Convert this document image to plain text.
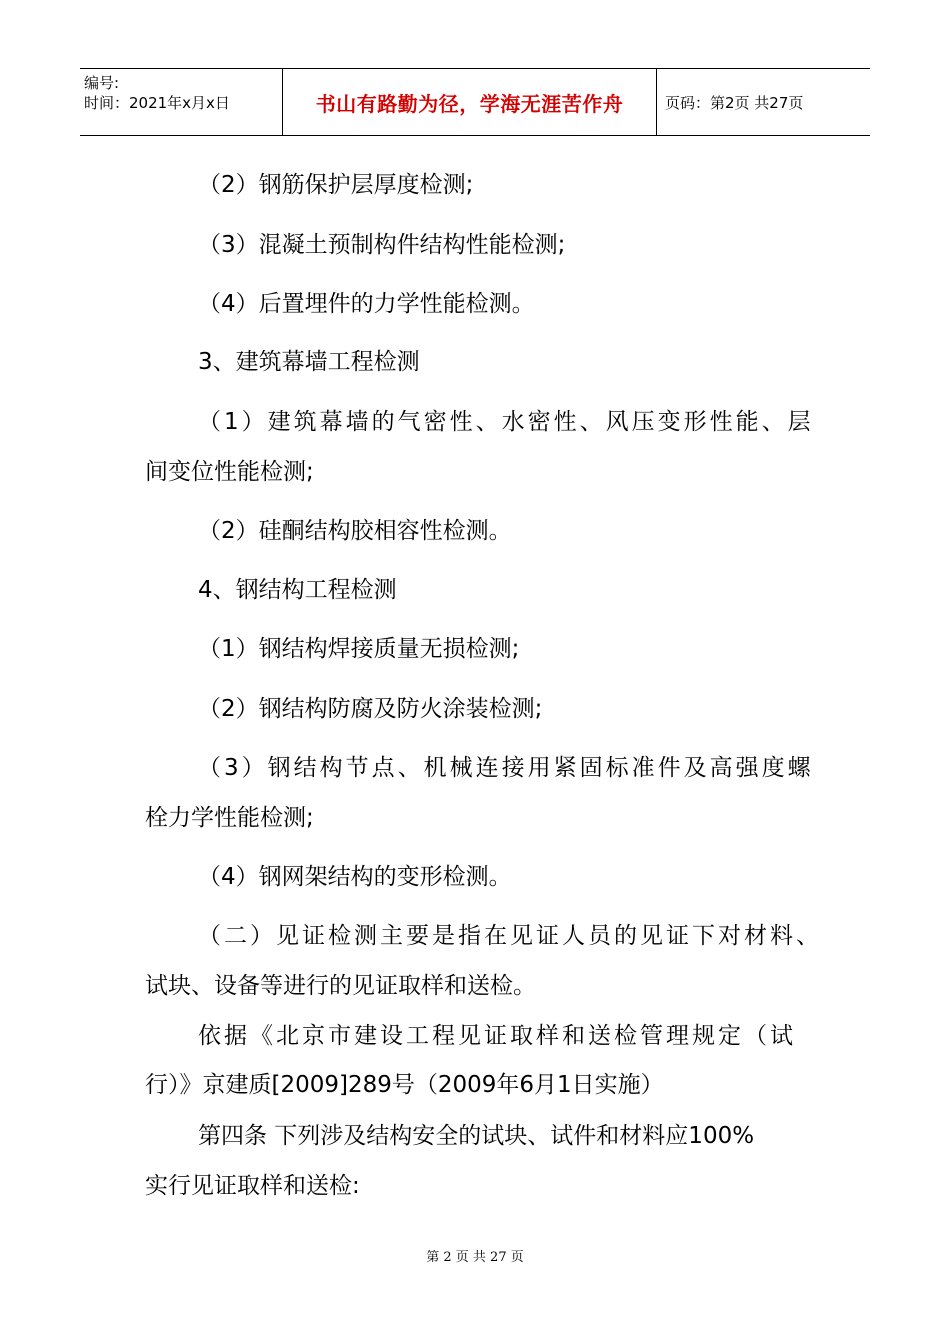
编号:
时间：2021年x月x日	书山有路勤为径，学海无涯苦作舟	页码：第2页 共27页
（2）钢筋保护层厚度检测;
（3）混凝土预制构件结构性能检测;
（4）后置埋件的力学性能检测。
3、建筑幕墙工程检测
（1）建筑幕墙的气密性、水密性、风压变形性能、层
间变位性能检测;
（2）硅酮结构胶相容性检测。
4、钢结构工程检测
（1）钢结构焊接质量无损检测;
（2）钢结构防腐及防火涂装检测;
（3）钢结构节点、机械连接用紧固标准件及高强度螺
栓力学性能检测;
（4）钢网架结构的变形检测。
（二）见证检测主要是指在见证人员的见证下对材料、
试块、设备等进行的见证取样和送检。
依据《北京市建设工程见证取样和送检管理规定（试
行）》京建质[2009]289号（2009年6月1日实施）
第四条 下列涉及结构安全的试块、试件和材料应100%
实行见证取样和送检:
第 2 页 共 27 页
